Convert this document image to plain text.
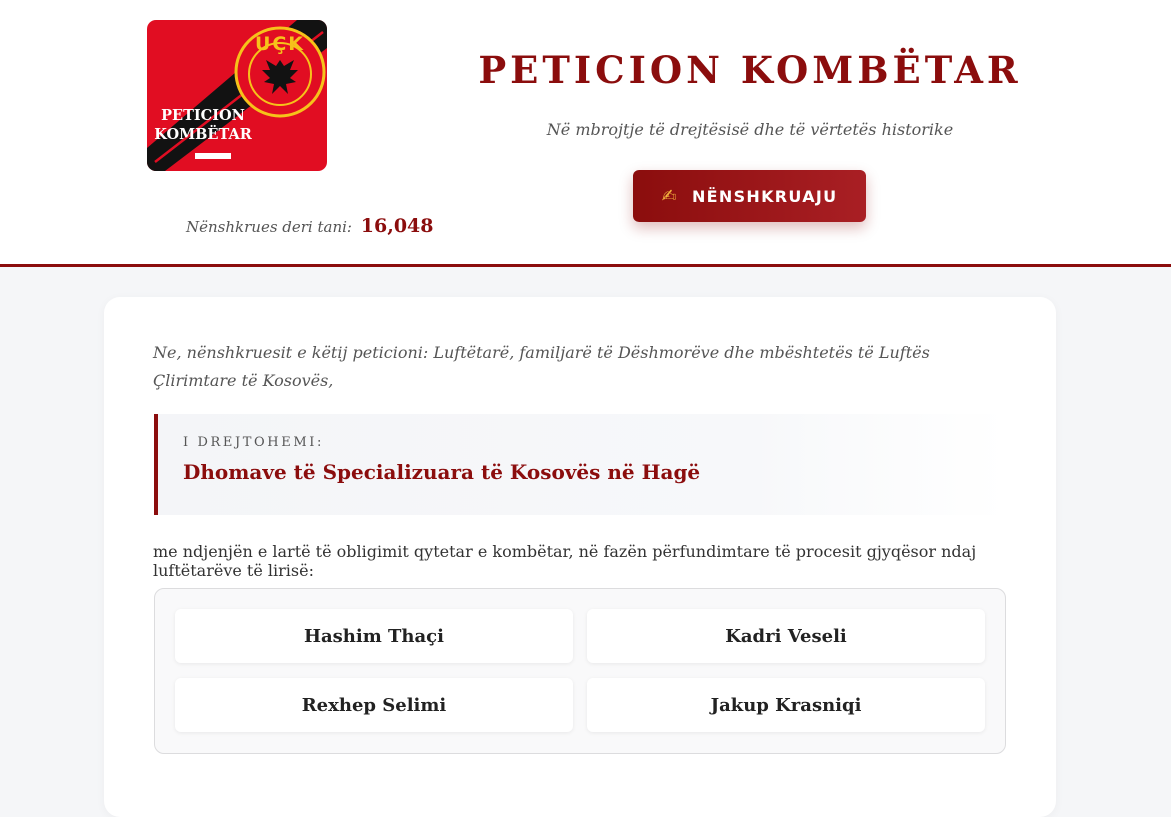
UÇK
PETICION
KOMBËTAR
Nënshkrues deri tani: 16,048
PETICION KOMBËTAR
Në mbrojtje të drejtësisë dhe të vërtetës historike
✍ NËNSHKRUAJU

Ne, nënshkruesit e këtij peticioni: Luftëtarë, familjarë të Dëshmorëve dhe mbështetës të Luftës Çlirimtare të Kosovës,

I DREJTOHEMI:
Dhomave të Specializuara të Kosovës në Hagë

me ndjenjën e lartë të obligimit qytetar e kombëtar, në fazën përfundimtare të procesit gjyqësor ndaj luftëtarëve të lirisë:

Hashim Thaçi	Kadri Veseli
Rexhep Selimi	Jakup Krasniqi
